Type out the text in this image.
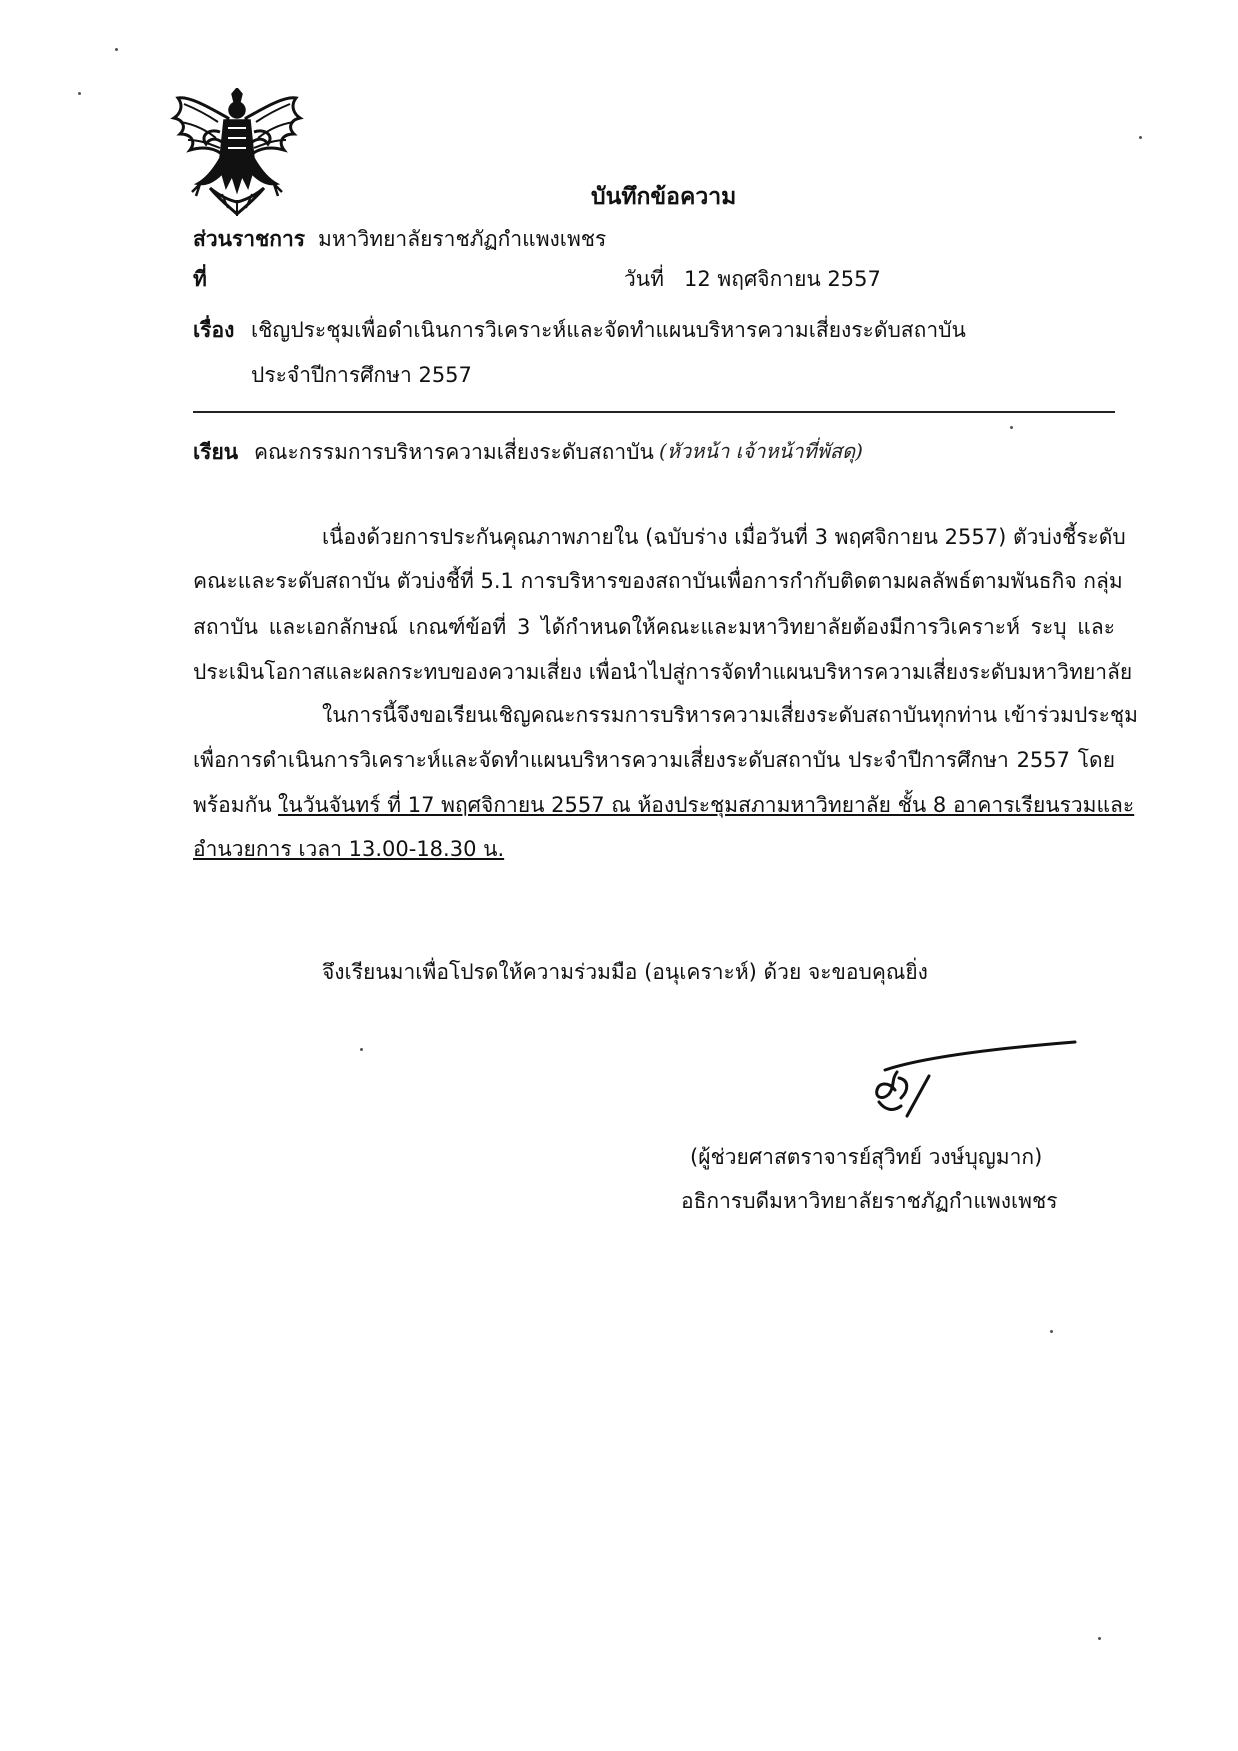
บันทึกข้อความ
ส่วนราชการ มหาวิทยาลัยราชภัฏกำแพงเพชร
ที่	วันที่ 12 พฤศจิกายน 2557
เรื่อง เชิญประชุมเพื่อดำเนินการวิเคราะห์และจัดทำแผนบริหารความเสี่ยงระดับสถาบัน
ประจำปีการศึกษา 2557
เรียน คณะกรรมการบริหารความเสี่ยงระดับสถาบัน (หัวหน้า เจ้าหน้าที่พัสดุ)
เนื่องด้วยการประกันคุณภาพภายใน (ฉบับร่าง เมื่อวันที่ 3 พฤศจิกายน 2557) ตัวบ่งชี้ระดับ
คณะและระดับสถาบัน ตัวบ่งชี้ที่ 5.1 การบริหารของสถาบันเพื่อการกำกับติดตามผลลัพธ์ตามพันธกิจ กลุ่ม
สถาบัน และเอกลักษณ์ เกณฑ์ข้อที่ 3 ได้กำหนดให้คณะและมหาวิทยาลัยต้องมีการวิเคราะห์ ระบุ และ
ประเมินโอกาสและผลกระทบของความเสี่ยง เพื่อนำไปสู่การจัดทำแผนบริหารความเสี่ยงระดับมหาวิทยาลัย
ในการนี้จึงขอเรียนเชิญคณะกรรมการบริหารความเสี่ยงระดับสถาบันทุกท่าน เข้าร่วมประชุม
เพื่อการดำเนินการวิเคราะห์และจัดทำแผนบริหารความเสี่ยงระดับสถาบัน ประจำปีการศึกษา 2557 โดย
พร้อมกัน ในวันจันทร์ ที่ 17 พฤศจิกายน 2557 ณ ห้องประชุมสภามหาวิทยาลัย ชั้น 8 อาคารเรียนรวมและ
อำนวยการ เวลา 13.00-18.30 น.
จึงเรียนมาเพื่อโปรดให้ความร่วมมือ (อนุเคราะห์) ด้วย จะขอบคุณยิ่ง
(ผู้ช่วยศาสตราจารย์สุวิทย์ วงษ์บุญมาก)
อธิการบดีมหาวิทยาลัยราชภัฏกำแพงเพชร
